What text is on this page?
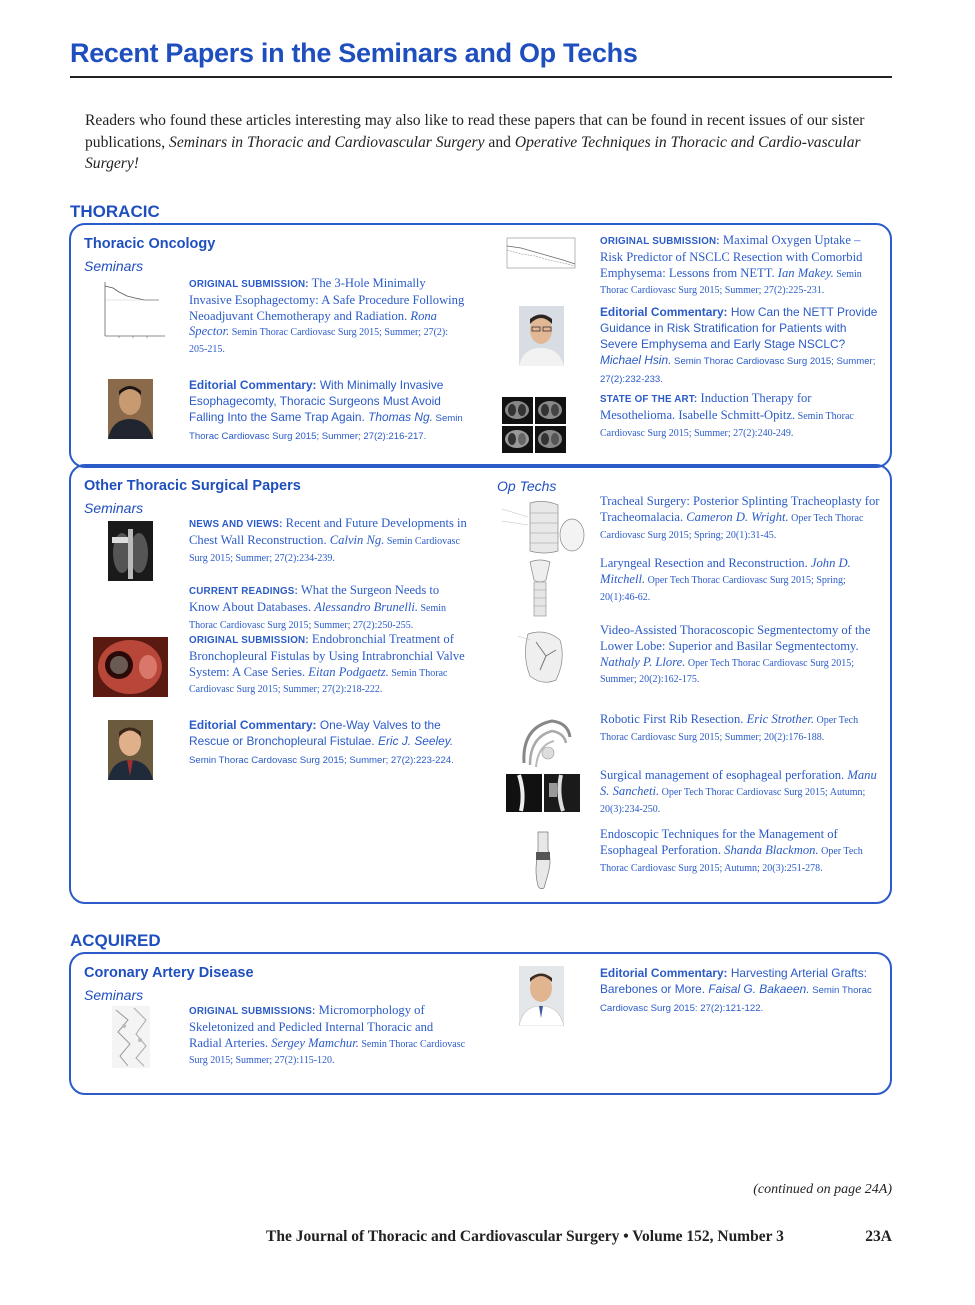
Recent Papers in the Seminars and Op Techs
Readers who found these articles interesting may also like to read these papers that can be found in recent issues of our sister publications, Seminars in Thoracic and Cardiovascular Surgery and Operative Techniques in Thoracic and Cardio-vascular Surgery!
THORACIC
Thoracic Oncology
Seminars
ORIGINAL SUBMISSION: The 3-Hole Minimally Invasive Esophagectomy: A Safe Procedure Following Neoadjuvant Chemotherapy and Radiation. Rona Spector. Semin Thorac Cardiovasc Surg 2015; Summer; 27(2): 205-215.
Editorial Commentary: With Minimally Invasive Esophagecomty, Thoracic Surgeons Must Avoid Falling Into the Same Trap Again. Thomas Ng. Semin Thorac Cardiovasc Surg 2015; Summer; 27(2):216-217.
ORIGINAL SUBMISSION: Maximal Oxygen Uptake – Risk Predictor of NSCLC Resection with Comorbid Emphysema: Lessons from NETT. Ian Makey. Semin Thorac Cardiovasc Surg 2015; Summer; 27(2):225-231.
Editorial Commentary: How Can the NETT Provide Guidance in Risk Stratification for Patients with Severe Emphysema and Early Stage NSCLC? Michael Hsin. Semin Thorac Cardiovasc Surg 2015; Summer; 27(2):232-233.
STATE OF THE ART: Induction Therapy for Mesothelioma. Isabelle Schmitt-Opitz. Semin Thorac Cardiovasc Surg 2015; Summer; 27(2):240-249.
Other Thoracic Surgical Papers
Seminars
Op Techs
NEWS AND VIEWS: Recent and Future Developments in Chest Wall Reconstruction. Calvin Ng. Semin Cardiovasc Surg 2015; Summer; 27(2):234-239.
CURRENT READINGS: What the Surgeon Needs to Know About Databases. Alessandro Brunelli. Semin Thorac Cardiovasc Surg 2015; Summer; 27(2):250-255.
ORIGINAL SUBMISSION: Endobronchial Treatment of Bronchopleural Fistulas by Using Intrabronchial Valve System: A Case Series. Eitan Podgaetz. Semin Thorac Cardiovasc Surg 2015; Summer; 27(2):218-222.
Editorial Commentary: One-Way Valves to the Rescue or Bronchopleural Fistulae. Eric J. Seeley. Semin Thorac Cardovasc Surg 2015; Summer; 27(2):223-224.
Tracheal Surgery: Posterior Splinting Tracheoplasty for Tracheomalacia. Cameron D. Wright. Oper Tech Thorac Cardiovasc Surg 2015; Spring; 20(1):31-45.
Laryngeal Resection and Reconstruction. John D. Mitchell. Oper Tech Thorac Cardiovasc Surg 2015; Spring; 20(1):46-62.
Video-Assisted Thoracoscopic Segmentectomy of the Lower Lobe: Superior and Basilar Segmentectomy. Nathaly P. Llore. Oper Tech Thorac Cardiovasc Surg 2015; Summer; 20(2):162-175.
Robotic First Rib Resection. Eric Strother. Oper Tech Thorac Cardiovasc Surg 2015; Summer; 20(2):176-188.
Surgical management of esophageal perforation. Manu S. Sancheti. Oper Tech Thorac Cardiovasc Surg 2015; Autumn; 20(3):234-250.
Endoscopic Techniques for the Management of Esophageal Perforation. Shanda Blackmon. Oper Tech Thorac Cardiovasc Surg 2015; Autumn; 20(3):251-278.
ACQUIRED
Coronary Artery Disease
Seminars
ORIGINAL SUBMISSIONS: Micromorphology of Skeletonized and Pedicled Internal Thoracic and Radial Arteries. Sergey Mamchur. Semin Thorac Cardiovasc Surg 2015; Summer; 27(2):115-120.
Editorial Commentary: Harvesting Arterial Grafts: Barebones or More. Faisal G. Bakaeen. Semin Thorac Cardiovasc Surg 2015: 27(2):121-122.
(continued on page 24A)
The Journal of Thoracic and Cardiovascular Surgery • Volume 152, Number 3	23A
